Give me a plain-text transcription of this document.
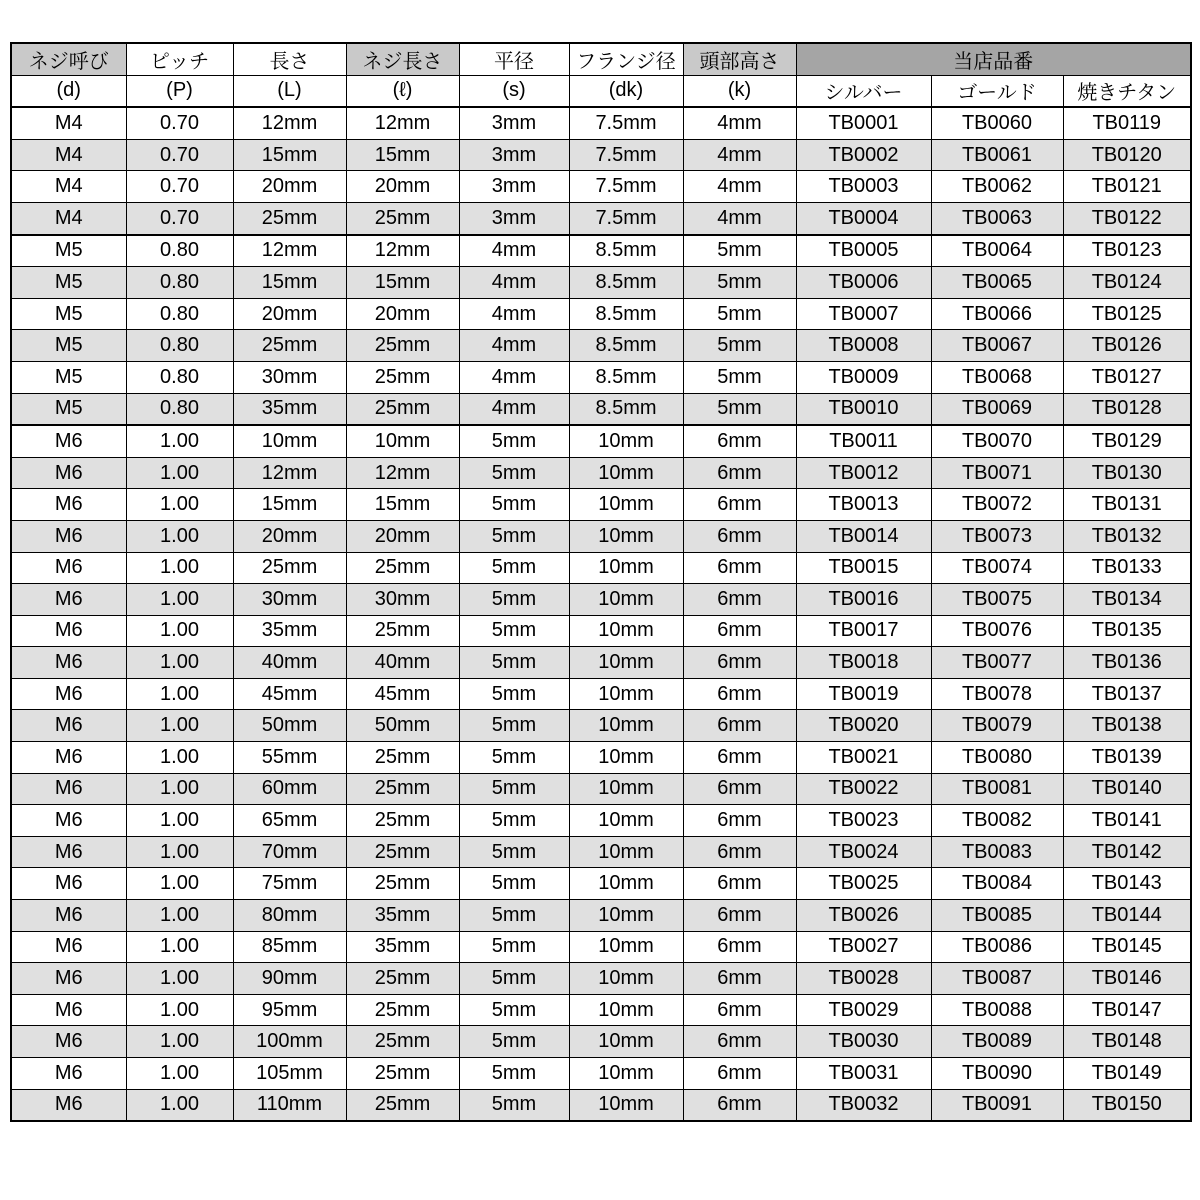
ネジ呼び	ピッチ	長さ	ネジ長さ	平径	フランジ径	頭部高さ	当店品番		
(d)	(P)	(L)	(ℓ)	(s)	(dk)	(k)	シルバー	ゴールド	焼きチタン
M4	0.70	12mm	12mm	3mm	7.5mm	4mm	TB0001	TB0060	TB0119
M4	0.70	15mm	15mm	3mm	7.5mm	4mm	TB0002	TB0061	TB0120
M4	0.70	20mm	20mm	3mm	7.5mm	4mm	TB0003	TB0062	TB0121
M4	0.70	25mm	25mm	3mm	7.5mm	4mm	TB0004	TB0063	TB0122
M5	0.80	12mm	12mm	4mm	8.5mm	5mm	TB0005	TB0064	TB0123
M5	0.80	15mm	15mm	4mm	8.5mm	5mm	TB0006	TB0065	TB0124
M5	0.80	20mm	20mm	4mm	8.5mm	5mm	TB0007	TB0066	TB0125
M5	0.80	25mm	25mm	4mm	8.5mm	5mm	TB0008	TB0067	TB0126
M5	0.80	30mm	25mm	4mm	8.5mm	5mm	TB0009	TB0068	TB0127
M5	0.80	35mm	25mm	4mm	8.5mm	5mm	TB0010	TB0069	TB0128
M6	1.00	10mm	10mm	5mm	10mm	6mm	TB0011	TB0070	TB0129
M6	1.00	12mm	12mm	5mm	10mm	6mm	TB0012	TB0071	TB0130
M6	1.00	15mm	15mm	5mm	10mm	6mm	TB0013	TB0072	TB0131
M6	1.00	20mm	20mm	5mm	10mm	6mm	TB0014	TB0073	TB0132
M6	1.00	25mm	25mm	5mm	10mm	6mm	TB0015	TB0074	TB0133
M6	1.00	30mm	30mm	5mm	10mm	6mm	TB0016	TB0075	TB0134
M6	1.00	35mm	25mm	5mm	10mm	6mm	TB0017	TB0076	TB0135
M6	1.00	40mm	40mm	5mm	10mm	6mm	TB0018	TB0077	TB0136
M6	1.00	45mm	45mm	5mm	10mm	6mm	TB0019	TB0078	TB0137
M6	1.00	50mm	50mm	5mm	10mm	6mm	TB0020	TB0079	TB0138
M6	1.00	55mm	25mm	5mm	10mm	6mm	TB0021	TB0080	TB0139
M6	1.00	60mm	25mm	5mm	10mm	6mm	TB0022	TB0081	TB0140
M6	1.00	65mm	25mm	5mm	10mm	6mm	TB0023	TB0082	TB0141
M6	1.00	70mm	25mm	5mm	10mm	6mm	TB0024	TB0083	TB0142
M6	1.00	75mm	25mm	5mm	10mm	6mm	TB0025	TB0084	TB0143
M6	1.00	80mm	35mm	5mm	10mm	6mm	TB0026	TB0085	TB0144
M6	1.00	85mm	35mm	5mm	10mm	6mm	TB0027	TB0086	TB0145
M6	1.00	90mm	25mm	5mm	10mm	6mm	TB0028	TB0087	TB0146
M6	1.00	95mm	25mm	5mm	10mm	6mm	TB0029	TB0088	TB0147
M6	1.00	100mm	25mm	5mm	10mm	6mm	TB0030	TB0089	TB0148
M6	1.00	105mm	25mm	5mm	10mm	6mm	TB0031	TB0090	TB0149
M6	1.00	110mm	25mm	5mm	10mm	6mm	TB0032	TB0091	TB0150
